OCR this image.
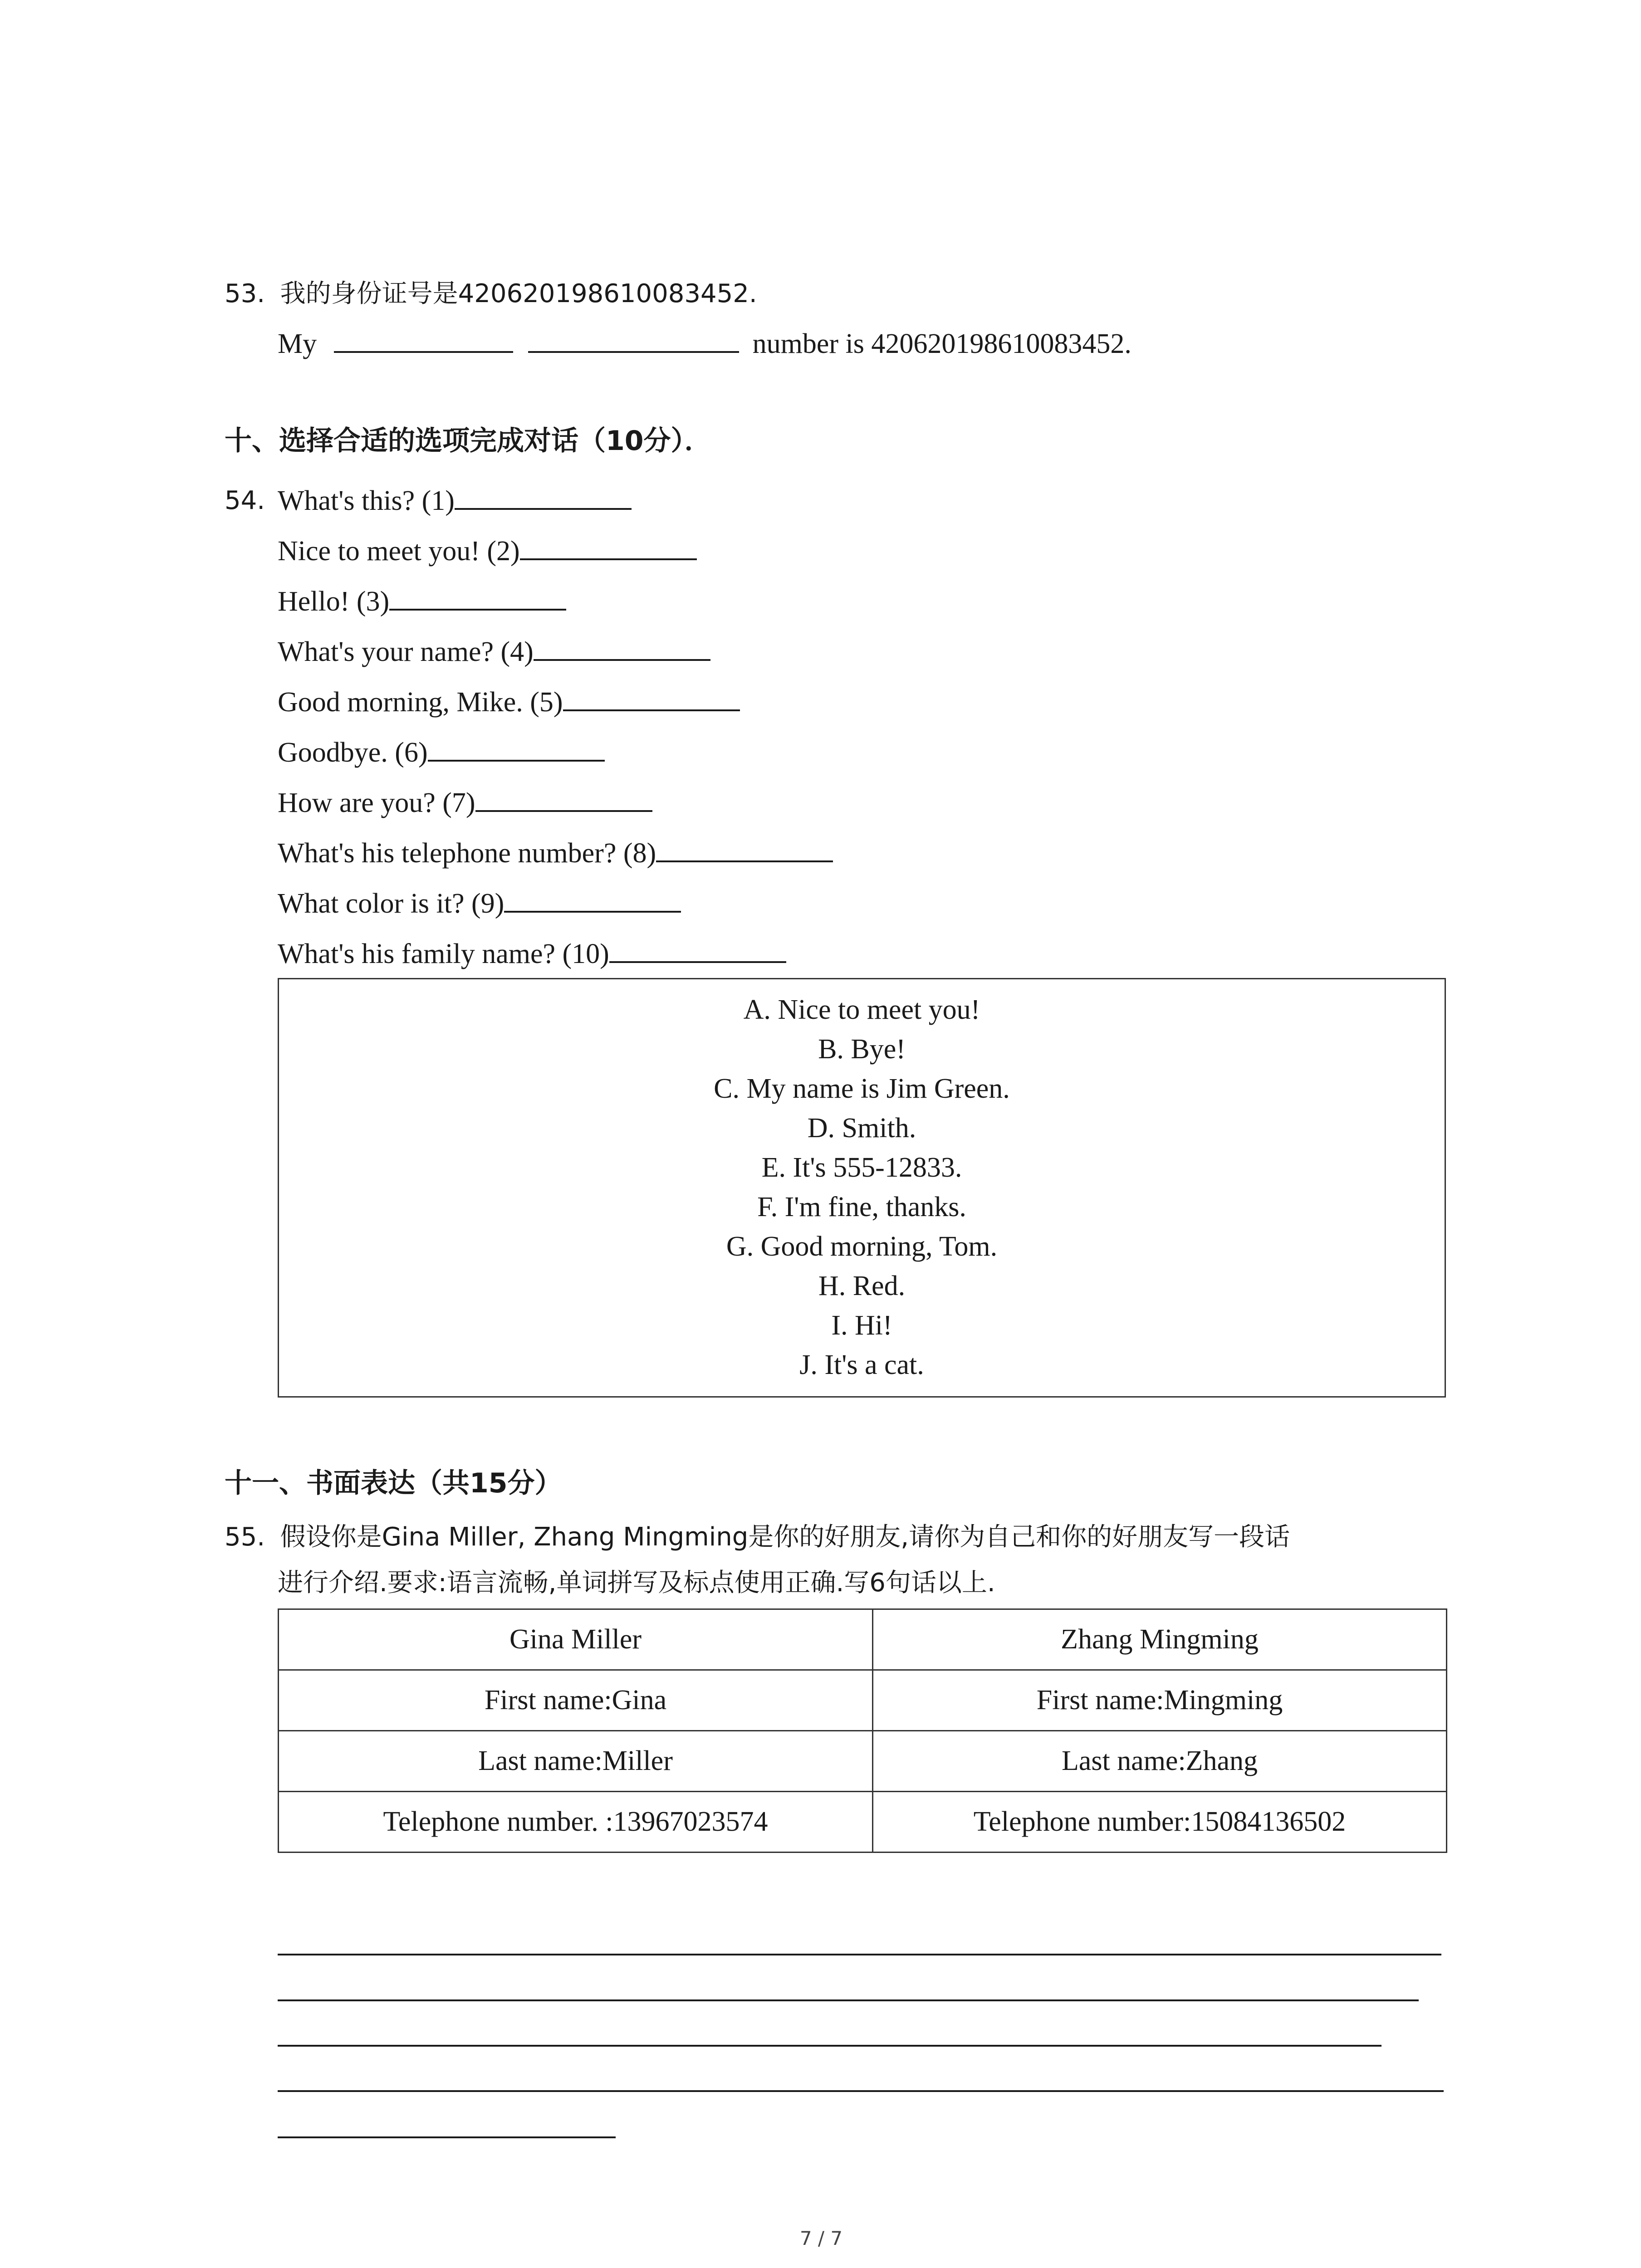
53. 我的身份证号是420620198610083452.
My	number is 420620198610083452.
十、选择合适的选项完成对话（10分）．
54. What's this? (1)
Nice to meet you! (2)
Hello! (3)
What's your name? (4)
Good morning, Mike. (5)
Goodbye. (6)
How are you? (7)
What's his telephone number? (8)
What color is it? (9)
What's his family name? (10)
A. Nice to meet you!
B. Bye!
C. My name is Jim Green.
D. Smith.
E. It's 555-12833.
F. I'm fine, thanks.
G. Good morning, Tom.
H. Red.
I. Hi!
J. It's a cat.
十一、书面表达（共15分）
55. 假设你是Gina Miller, Zhang Mingming是你的好朋友,请你为自己和你的好朋友写一段话
进行介绍.要求:语言流畅,单词拼写及标点使用正确.写6句话以上.
Gina Miller	Zhang Mingming
First name:Gina	First name:Mingming
Last name:Miller	Last name:Zhang
Telephone number. :13967023574	Telephone number:15084136502
7 / 7
